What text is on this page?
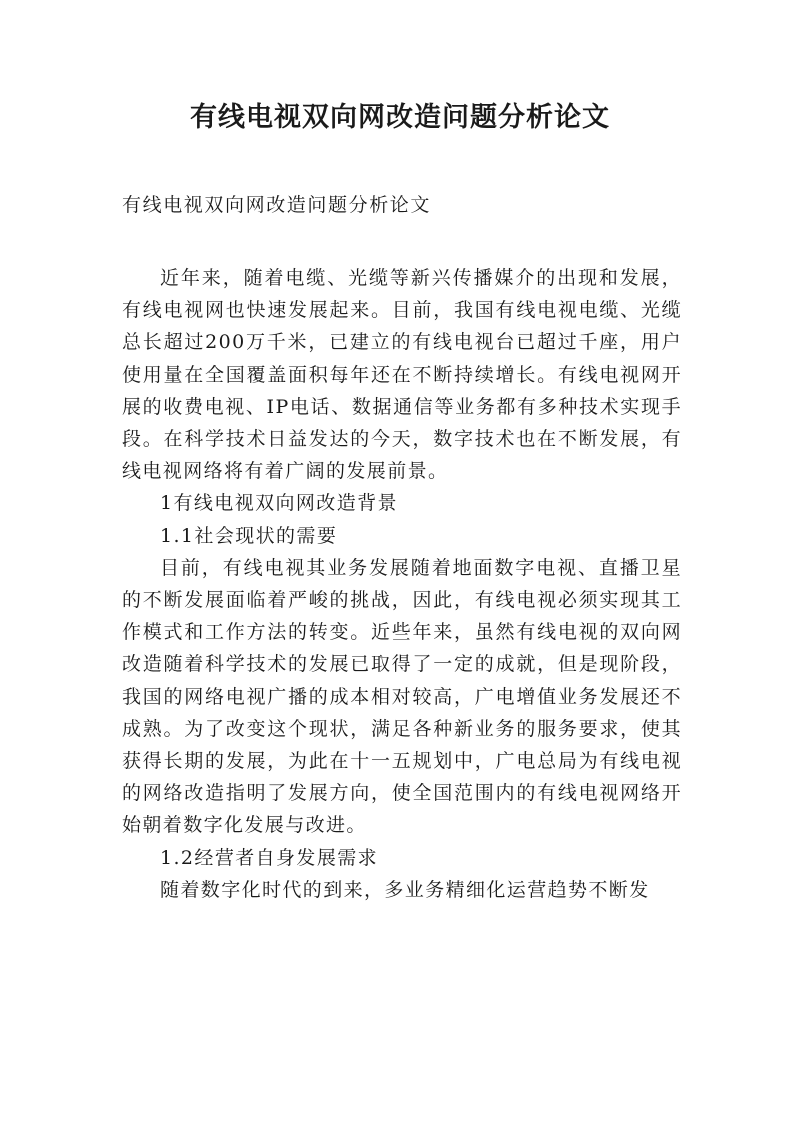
有线电视双向网改造问题分析论文

有线电视双向网改造问题分析论文

近年来，随着电缆、光缆等新兴传播媒介的出现和发展，有线电视网也快速发展起来。目前，我国有线电视电缆、光缆总长超过200万千米，已建立的有线电视台已超过千座，用户使用量在全国覆盖面积每年还在不断持续增长。有线电视网开展的收费电视、IP电话、数据通信等业务都有多种技术实现手段。在科学技术日益发达的今天，数字技术也在不断发展，有线电视网络将有着广阔的发展前景。

1有线电视双向网改造背景

1.1社会现状的需要

目前，有线电视其业务发展随着地面数字电视、直播卫星的不断发展面临着严峻的挑战，因此，有线电视必须实现其工作模式和工作方法的转变。近些年来，虽然有线电视的双向网改造随着科学技术的发展已取得了一定的成就，但是现阶段，我国的网络电视广播的成本相对较高，广电增值业务发展还不成熟。为了改变这个现状，满足各种新业务的服务要求，使其获得长期的发展，为此在十一五规划中，广电总局为有线电视的网络改造指明了发展方向，使全国范围内的有线电视网络开始朝着数字化发展与改进。

1.2经营者自身发展需求

随着数字化时代的到来，多业务精细化运营趋势不断发
